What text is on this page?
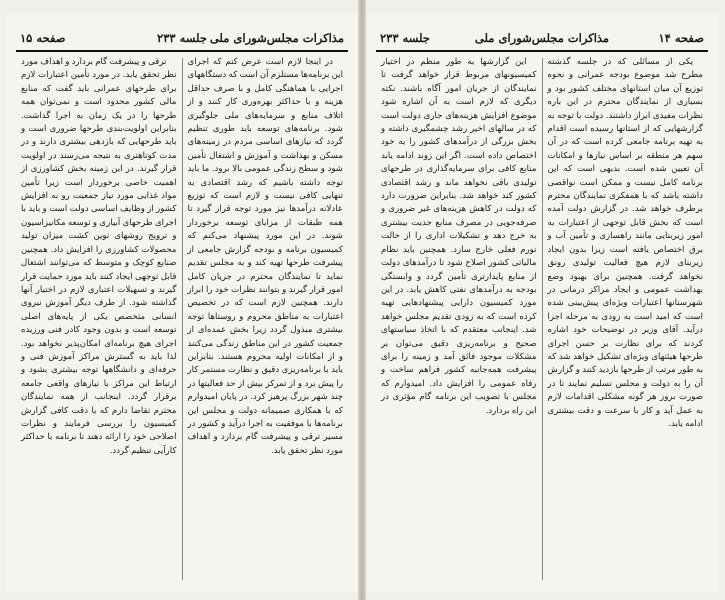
مذاکرات مجلس‌شورای ملی
جلسه ۲۳۳
صفحه ۱۵

در اینجا لازم است عرض کنم که اجرای این برنامه‌ها مستلزم آن است که دستگاههای اجرایی با هماهنگی کامل و با صرف حداقل هزینه و با حداکثر بهره‌وری کار کنند و از اتلاف منابع و سرمایه‌های ملی جلوگیری شود. برنامه‌های توسعه باید طوری تنظیم گردد که نیازهای اساسی مردم در زمینه‌های مسکن و بهداشت و آموزش و اشتغال تأمین شود و سطح زندگی عمومی بالا برود. ما باید توجه داشته باشیم که رشد اقتصادی به تنهایی کافی نیست و لازم است که توزیع عادلانه درآمدها نیز مورد توجه قرار گیرد تا همه طبقات از مزایای توسعه برخوردار شوند. در این مورد پیشنهاد می‌کنم که کمیسیون برنامه و بودجه گزارش جامعی از پیشرفت طرحها تهیه کند و به مجلس تقدیم نماید تا نمایندگان محترم در جریان کامل امور قرار گیرند و بتوانند نظرات خود را ابراز دارند. همچنین لازم است که در تخصیص اعتبارات به مناطق محروم و روستاها توجه بیشتری مبذول گردد زیرا بخش عمده‌ای از جمعیت کشور در این مناطق زندگی می‌کنند و از امکانات اولیه محروم هستند. بنابراین باید با برنامه‌ریزی دقیق و نظارت مستمر کار را پیش برد و از تمرکز بیش از حد فعالیتها در چند شهر بزرگ پرهیز کرد. در پایان امیدوارم که با همکاری صمیمانه دولت و مجلس این برنامه‌ها با موفقیت به اجرا درآید و کشور در مسیر ترقی و پیشرفت گام بردارد و اهداف مورد نظر تحقق یابد.

ترقی و پیشرفت گام بردارد و اهداف مورد نظر تحقق یابد. در مورد تأمین اعتبارات لازم برای طرحهای عمرانی باید گفت که منابع مالی کشور محدود است و نمی‌توان همه طرحها را در یک زمان به اجرا گذاشت. بنابراین اولویت‌بندی طرحها ضروری است و باید طرحهایی که بازدهی بیشتری دارند و در مدت کوتاهتری به نتیجه می‌رسند در اولویت قرار گیرند. در این زمینه بخش کشاورزی از اهمیت خاصی برخوردار است زیرا تأمین مواد غذایی مورد نیاز جمعیت رو به افزایش کشور از وظایف اساسی دولت است و باید با اجرای طرحهای آبیاری و توسعه مکانیزاسیون و ترویج روشهای نوین کشت میزان تولید محصولات کشاورزی را افزایش داد. همچنین صنایع کوچک و متوسط که می‌توانند اشتغال قابل توجهی ایجاد کنند باید مورد حمایت قرار گیرند و تسهیلات اعتباری لازم در اختیار آنها گذاشته شود. از طرف دیگر آموزش نیروی انسانی متخصص یکی از پایه‌های اصلی توسعه است و بدون وجود کادر فنی ورزیده اجرای هیچ برنامه‌ای امکان‌پذیر نخواهد بود. لذا باید به گسترش مراکز آموزش فنی و حرفه‌ای و دانشگاهها توجه بیشتری بشود و ارتباط این مراکز با نیازهای واقعی جامعه برقرار گردد. اینجانب از همه نمایندگان محترم تقاضا دارم که با دقت کافی گزارش کمیسیون را بررسی فرمایند و نظرات اصلاحی خود را ارائه دهند تا برنامه با حداکثر کارآیی تنظیم گردد.

صفحه ۱۴
مذاکرات مجلس‌شورای ملی
جلسه ۲۳۳

یکی از مسائلی که در جلسه گذشته مطرح شد موضوع بودجه عمرانی و نحوه توزیع آن میان استانهای مختلف کشور بود و بسیاری از نمایندگان محترم در این باره نظرات مفیدی ابراز داشتند. دولت با توجه به گزارشهایی که از استانها رسیده است اقدام به تهیه برنامه جامعی کرده است که در آن سهم هر منطقه بر اساس نیازها و امکانات آن تعیین شده است. بدیهی است که این برنامه کامل نیست و ممکن است نواقصی داشته باشد که با همفکری نمایندگان محترم برطرف خواهد شد. در گزارش دولت آمده است که بخش قابل توجهی از اعتبارات به امور زیربنایی مانند راهسازی و تأمین آب و برق اختصاص یافته است زیرا بدون ایجاد زیربنای لازم هیچ فعالیت تولیدی رونق نخواهد گرفت. همچنین برای بهبود وضع بهداشت عمومی و ایجاد مراکز درمانی در شهرستانها اعتبارات ویژه‌ای پیش‌بینی شده است که امید است به زودی به مرحله اجرا درآید. آقای وزیر در توضیحات خود اشاره کردند که برای نظارت بر حسن اجرای طرحها هیئتهای ویژه‌ای تشکیل خواهد شد که به طور مرتب از طرحها بازدید کنند و گزارش آن را به دولت و مجلس تسلیم نمایند تا در صورت بروز هر گونه مشکلی اقدامات لازم به عمل آید و کار با سرعت و دقت بیشتری ادامه یابد.

این گزارشها به طور منظم در اختیار کمیسیونهای مربوط قرار خواهد گرفت تا نمایندگان از جریان امور آگاه باشند. نکته دیگری که لازم است به آن اشاره شود موضوع افزایش هزینه‌های جاری دولت است که در سالهای اخیر رشد چشمگیری داشته و بخش بزرگی از درآمدهای کشور را به خود اختصاص داده است. اگر این روند ادامه یابد منابع کافی برای سرمایه‌گذاری در طرحهای تولیدی باقی نخواهد ماند و رشد اقتصادی کشور کند خواهد شد. بنابراین ضرورت دارد که دولت در کاهش هزینه‌های غیر ضروری و صرفه‌جویی در مصرف منابع جدیت بیشتری به خرج دهد و تشکیلات اداری را از حالت تورم فعلی خارج سازد. همچنین باید نظام مالیاتی کشور اصلاح شود تا درآمدهای دولت از منابع پایدارتری تأمین گردد و وابستگی بودجه به درآمدهای نفتی کاهش یابد. در این مورد کمیسیون دارایی پیشنهادهایی تهیه کرده است که به زودی تقدیم مجلس خواهد شد. اینجانب معتقدم که با اتخاذ سیاستهای صحیح و برنامه‌ریزی دقیق می‌توان بر مشکلات موجود فائق آمد و زمینه را برای پیشرفت همه‌جانبه کشور فراهم ساخت و رفاه عمومی را افزایش داد. امیدوارم که مجلس با تصویب این برنامه گام مؤثری در این راه بردارد.
